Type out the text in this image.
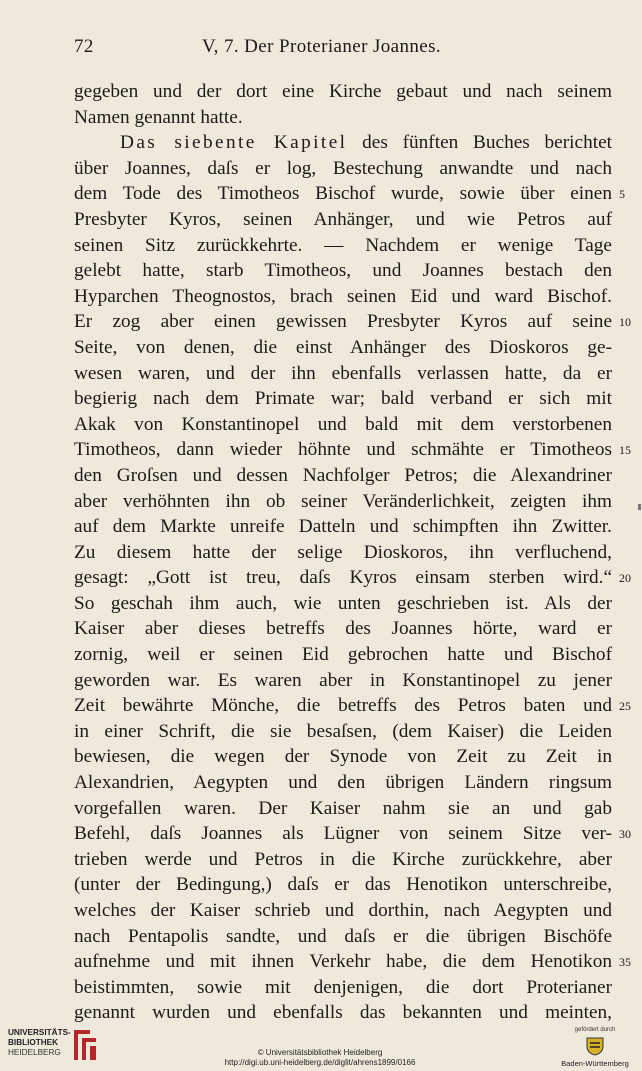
72	V, 7. Der Proterianer Joannes.
gegeben und der dort eine Kirche gebaut und nach seinem
Namen genannt hatte.
Das siebente Kapitel des fünften Buches berichtet
über Joannes, daſs er log, Bestechung anwandte und nach
dem Tode des Timotheos Bischof wurde, sowie über einen 5
Presbyter Kyros, seinen Anhänger, und wie Petros auf
seinen Sitz zurückkehrte. — Nachdem er wenige Tage
gelebt hatte, starb Timotheos, und Joannes bestach den
Hyparchen Theognostos, brach seinen Eid und ward Bischof.
Er zog aber einen gewissen Presbyter Kyros auf seine 10
Seite, von denen, die einst Anhänger des Dioskoros ge-
wesen waren, und der ihn ebenfalls verlassen hatte, da er
begierig nach dem Primate war; bald verband er sich mit
Akak von Konstantinopel und bald mit dem verstorbenen
Timotheos, dann wieder höhnte und schmähte er Timotheos 15
den Groſsen und dessen Nachfolger Petros; die Alexandriner
aber verhöhnten ihn ob seiner Veränderlichkeit, zeigten ihm
auf dem Markte unreife Datteln und schimpften ihn Zwitter.
Zu diesem hatte der selige Dioskoros, ihn verfluchend,
gesagt: „Gott ist treu, daſs Kyros einsam sterben wird.“ 20
So geschah ihm auch, wie unten geschrieben ist. Als der
Kaiser aber dieses betreffs des Joannes hörte, ward er
zornig, weil er seinen Eid gebrochen hatte und Bischof
geworden war. Es waren aber in Konstantinopel zu jener
Zeit bewährte Mönche, die betreffs des Petros baten und 25
in einer Schrift, die sie besaſsen, (dem Kaiser) die Leiden
bewiesen, die wegen der Synode von Zeit zu Zeit in
Alexandrien, Aegypten und den übrigen Ländern ringsum
vorgefallen waren. Der Kaiser nahm sie an und gab
Befehl, daſs Joannes als Lügner von seinem Sitze ver- 30
trieben werde und Petros in die Kirche zurückkehre, aber
(unter der Bedingung,) daſs er das Henotikon unterschreibe,
welches der Kaiser schrieb und dorthin, nach Aegypten und
nach Pentapolis sandte, und daſs er die übrigen Bischöfe
aufnehme und mit ihnen Verkehr habe, die dem Henotikon 35
beistimmten, sowie mit denjenigen, die dort Proterianer
genannt wurden und ebenfalls das bekannten und meinten,
UNIVERSITÄTS-
BIBLIOTHEK
HEIDELBERG	© Universitätsbibliothek Heidelberg
http://digi.ub.uni-heidelberg.de/diglit/ahrens1899/0166
gefördert durch
Baden-Württemberg
